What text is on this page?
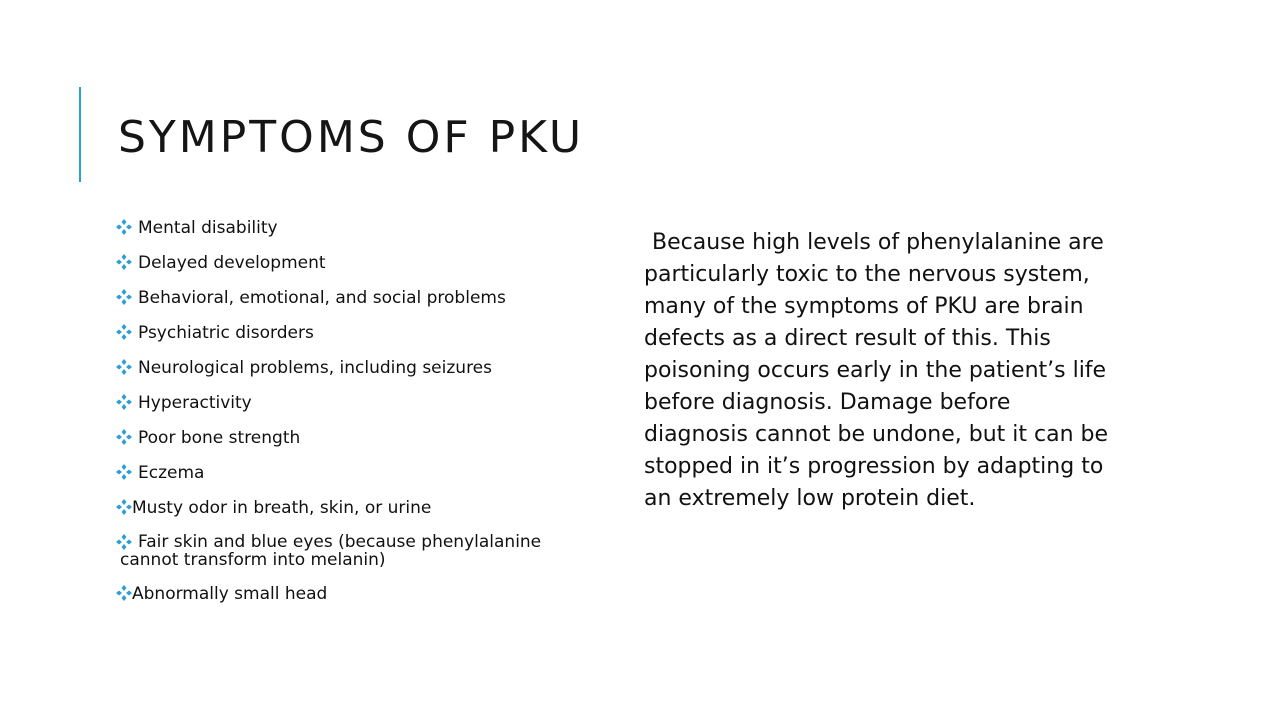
SYMPTOMS OF PKU
Mental disability
Delayed development
Behavioral, emotional, and social problems
Psychiatric disorders
Neurological problems, including seizures
Hyperactivity
Poor bone strength
Eczema
Musty odor in breath, skin, or urine
Fair skin and blue eyes (because phenylalanine
cannot transform into melanin)
Abnormally small head

Because high levels of phenylalanine are particularly toxic to the nervous system, many of the symptoms of PKU are brain defects as a direct result of this. This poisoning occurs early in the patient’s life before diagnosis. Damage before diagnosis cannot be undone, but it can be stopped in it’s progression by adapting to an extremely low protein diet.
